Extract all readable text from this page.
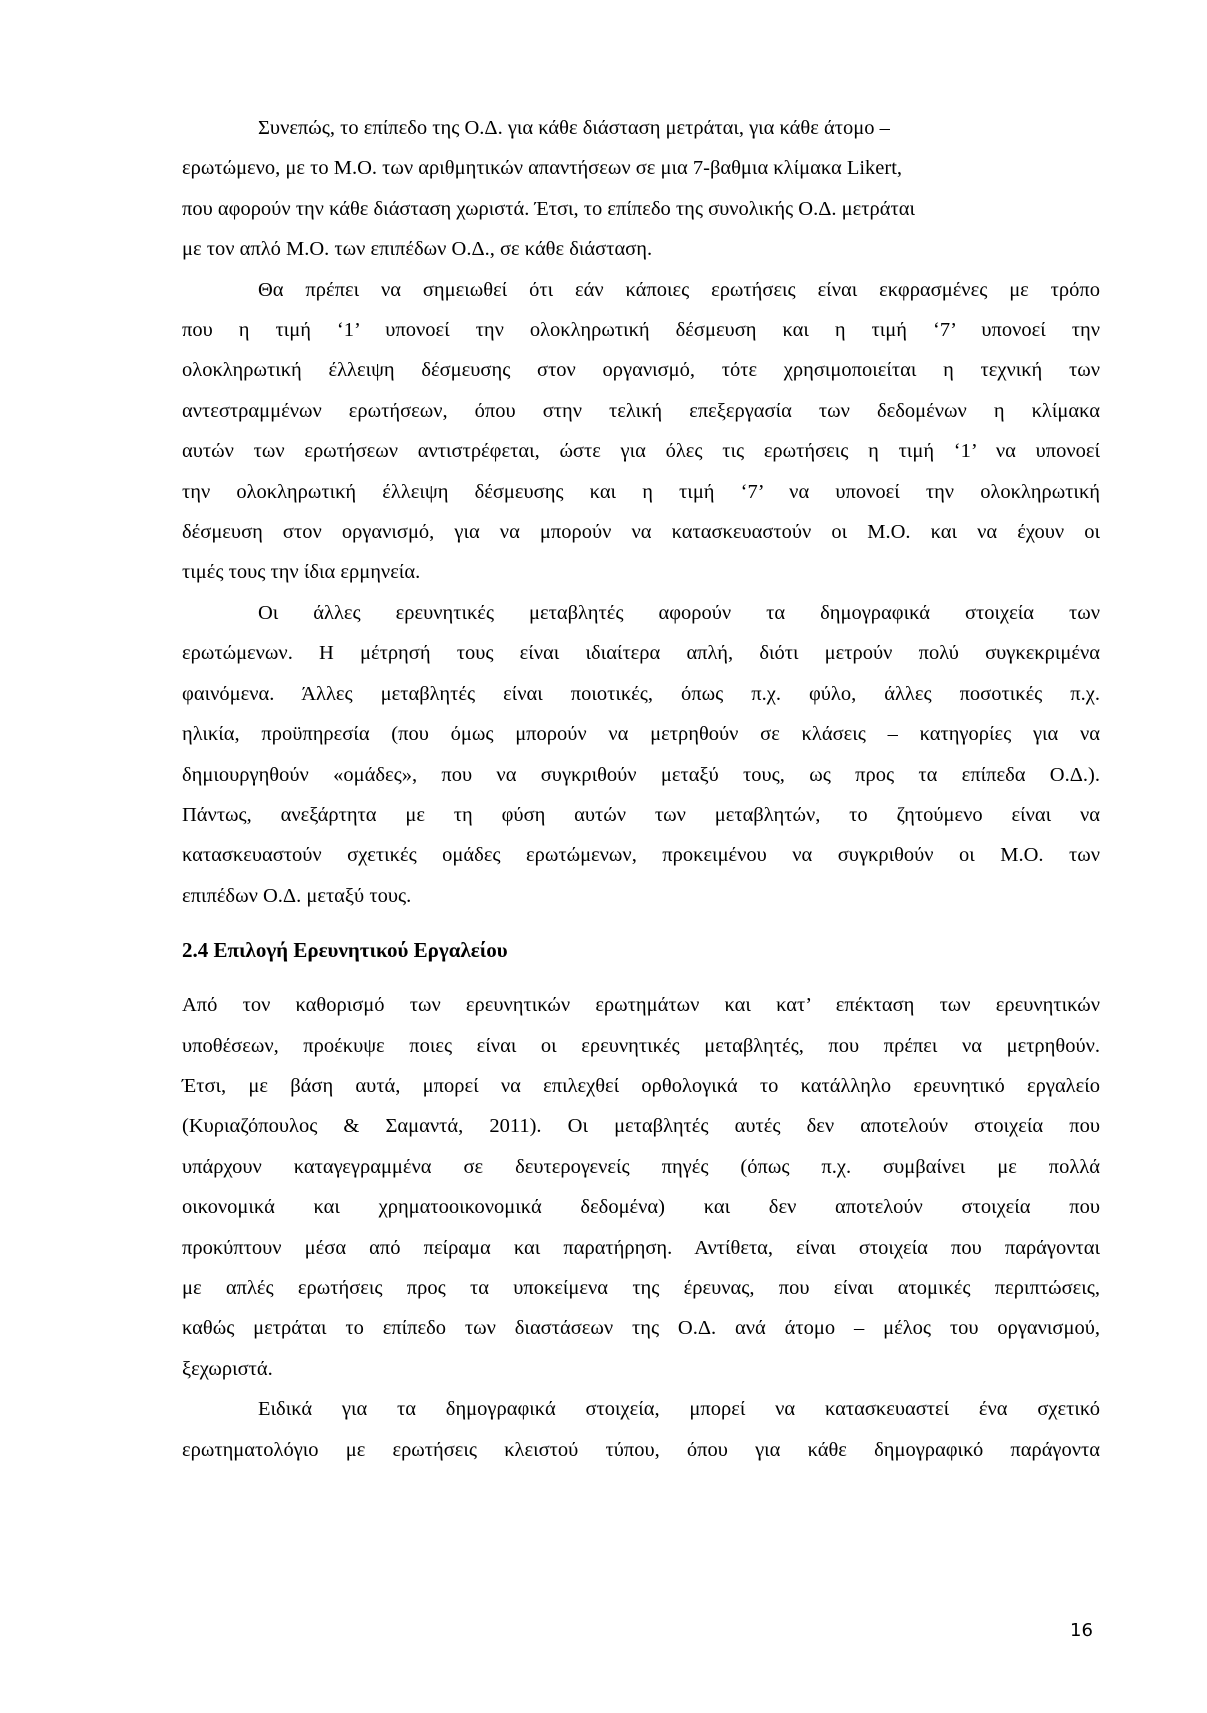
Συνεπώς, το επίπεδο της Ο.Δ. για κάθε διάσταση μετράται, για κάθε άτομο –
ερωτώμενο, με το Μ.Ο. των αριθμητικών απαντήσεων σε μια 7-βαθμια κλίμακα Likert,
που αφορούν την κάθε διάσταση χωριστά. Έτσι, το επίπεδο της συνολικής Ο.Δ. μετράται
με τον απλό Μ.Ο. των επιπέδων Ο.Δ., σε κάθε διάσταση.

Θα πρέπει να σημειωθεί ότι εάν κάποιες ερωτήσεις είναι εκφρασμένες με τρόπο
που η τιμή ‘1’ υπονοεί την ολοκληρωτική δέσμευση και η τιμή ‘7’ υπονοεί την
ολοκληρωτική έλλειψη δέσμευσης στον οργανισμό, τότε χρησιμοποιείται η τεχνική των
αντεστραμμένων ερωτήσεων, όπου στην τελική επεξεργασία των δεδομένων η κλίμακα
αυτών των ερωτήσεων αντιστρέφεται, ώστε για όλες τις ερωτήσεις η τιμή ‘1’ να υπονοεί
την ολοκληρωτική έλλειψη δέσμευσης και η τιμή ‘7’ να υπονοεί την ολοκληρωτική
δέσμευση στον οργανισμό, για να μπορούν να κατασκευαστούν οι Μ.Ο. και να έχουν οι
τιμές τους την ίδια ερμηνεία.

Οι άλλες ερευνητικές μεταβλητές αφορούν τα δημογραφικά στοιχεία των
ερωτώμενων. Η μέτρησή τους είναι ιδιαίτερα απλή, διότι μετρούν πολύ συγκεκριμένα
φαινόμενα. Άλλες μεταβλητές είναι ποιοτικές, όπως π.χ. φύλο, άλλες ποσοτικές π.χ.
ηλικία, προϋπηρεσία (που όμως μπορούν να μετρηθούν σε κλάσεις – κατηγορίες για να
δημιουργηθούν «ομάδες», που να συγκριθούν μεταξύ τους, ως προς τα επίπεδα Ο.Δ.).
Πάντως, ανεξάρτητα με τη φύση αυτών των μεταβλητών, το ζητούμενο είναι να
κατασκευαστούν σχετικές ομάδες ερωτώμενων, προκειμένου να συγκριθούν οι Μ.Ο. των
επιπέδων Ο.Δ. μεταξύ τους.

2.4 Επιλογή Ερευνητικού Εργαλείου

Από τον καθορισμό των ερευνητικών ερωτημάτων και κατ’ επέκταση των ερευνητικών
υποθέσεων, προέκυψε ποιες είναι οι ερευνητικές μεταβλητές, που πρέπει να μετρηθούν.
Έτσι, με βάση αυτά, μπορεί να επιλεχθεί ορθολογικά το κατάλληλο ερευνητικό εργαλείο
(Κυριαζόπουλος & Σαμαντά, 2011). Οι μεταβλητές αυτές δεν αποτελούν στοιχεία που
υπάρχουν καταγεγραμμένα σε δευτερογενείς πηγές (όπως π.χ. συμβαίνει με πολλά
οικονομικά και χρηματοοικονομικά δεδομένα) και δεν αποτελούν στοιχεία που
προκύπτουν μέσα από πείραμα και παρατήρηση. Αντίθετα, είναι στοιχεία που παράγονται
με απλές ερωτήσεις προς τα υποκείμενα της έρευνας, που είναι ατομικές περιπτώσεις,
καθώς μετράται το επίπεδο των διαστάσεων της Ο.Δ. ανά άτομο – μέλος του οργανισμού,
ξεχωριστά.

Ειδικά για τα δημογραφικά στοιχεία, μπορεί να κατασκευαστεί ένα σχετικό
ερωτηματολόγιο με ερωτήσεις κλειστού τύπου, όπου για κάθε δημογραφικό παράγοντα

16
